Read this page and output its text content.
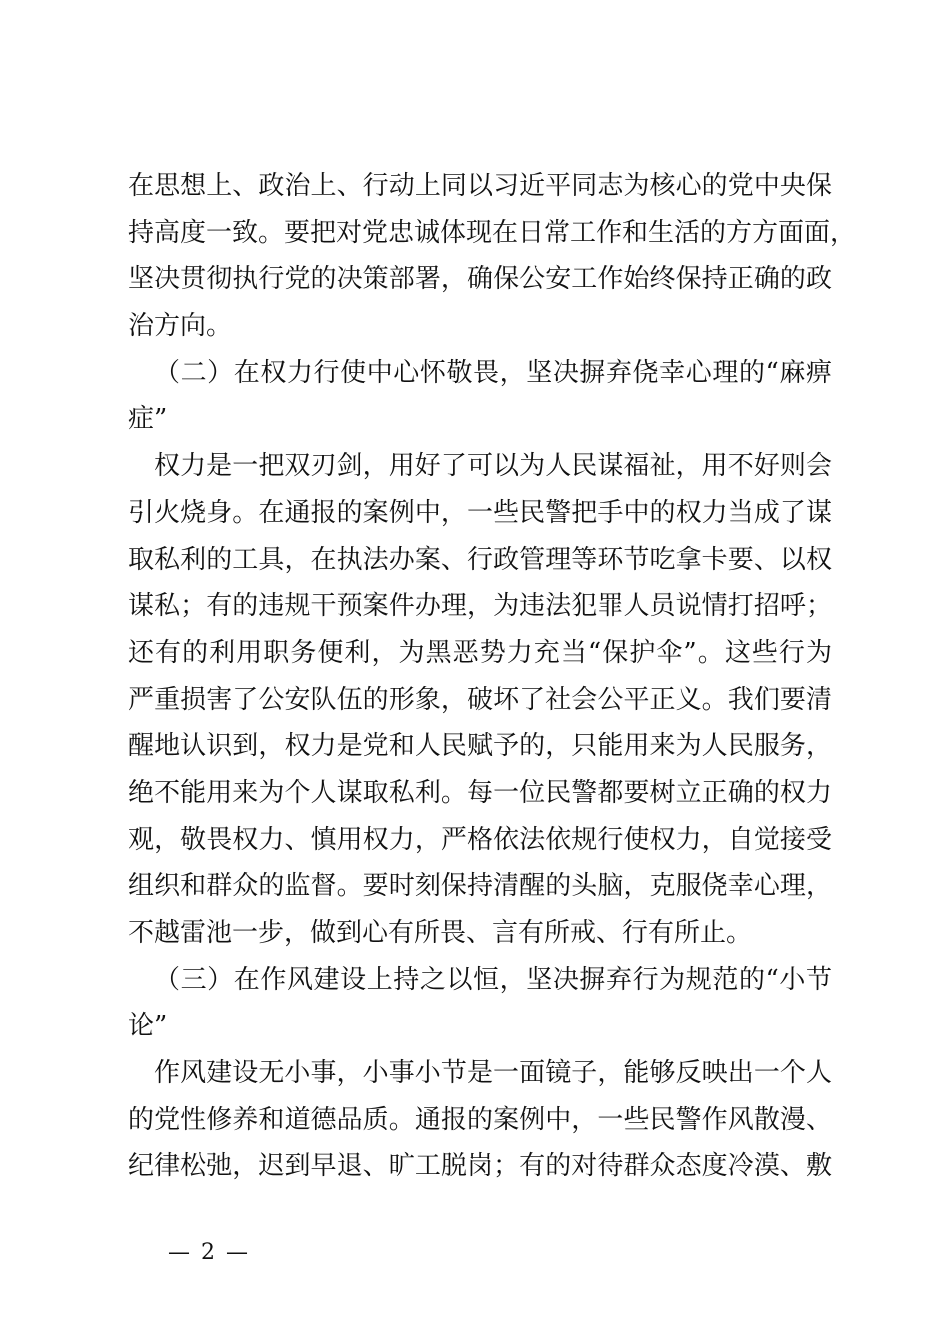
在思想上、政治上、行动上同以习近平同志为核心的党中央保
持高度一致。要把对党忠诚体现在日常工作和生活的方方面面，
坚决贯彻执行党的决策部署，确保公安工作始终保持正确的政
治方向。
（二）在权力行使中心怀敬畏，坚决摒弃侥幸心理的“麻痹
症”
权力是一把双刃剑，用好了可以为人民谋福祉，用不好则会
引火烧身。在通报的案例中，一些民警把手中的权力当成了谋
取私利的工具，在执法办案、行政管理等环节吃拿卡要、以权
谋私；有的违规干预案件办理，为违法犯罪人员说情打招呼；
还有的利用职务便利，为黑恶势力充当“保护伞”。这些行为
严重损害了公安队伍的形象，破坏了社会公平正义。我们要清
醒地认识到，权力是党和人民赋予的，只能用来为人民服务，
绝不能用来为个人谋取私利。每一位民警都要树立正确的权力
观，敬畏权力、慎用权力，严格依法依规行使权力，自觉接受
组织和群众的监督。要时刻保持清醒的头脑，克服侥幸心理，
不越雷池一步，做到心有所畏、言有所戒、行有所止。
（三）在作风建设上持之以恒，坚决摒弃行为规范的“小节
论”
作风建设无小事，小事小节是一面镜子，能够反映出一个人
的党性修养和道德品质。通报的案例中，一些民警作风散漫、
纪律松弛，迟到早退、旷工脱岗；有的对待群众态度冷漠、敷
— 2 —
